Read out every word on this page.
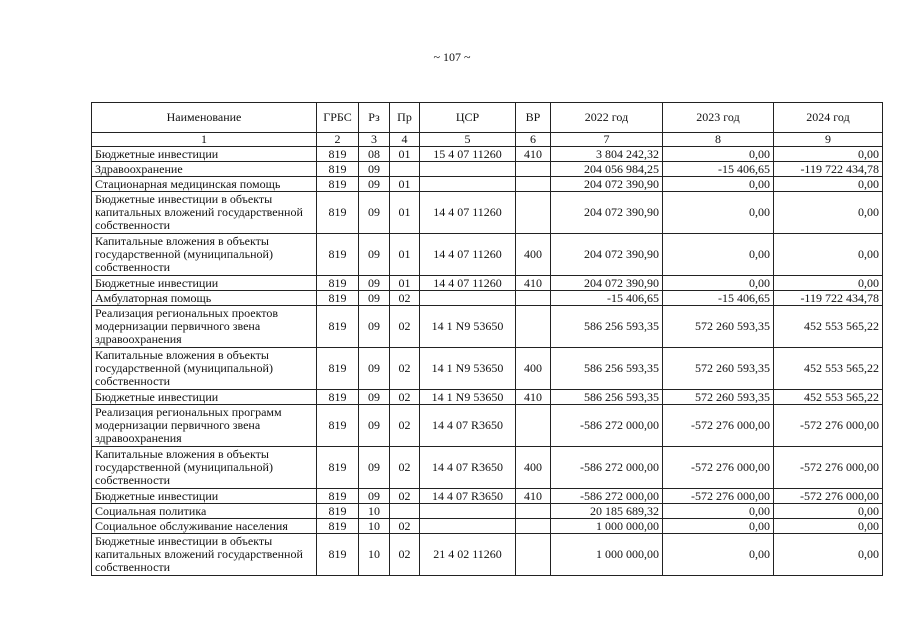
~ 107 ~
Наименование	ГРБС	Рз	Пр	ЦСР	ВР	2022 год	2023 год	2024 год
1	2	3	4	5	6	7	8	9
Бюджетные инвестиции	819	08	01	15 4 07 11260	410	3 804 242,32	0,00	0,00
Здравоохранение	819	09				204 056 984,25	-15 406,65	-119 722 434,78
Стационарная медицинская помощь	819	09	01			204 072 390,90	0,00	0,00
Бюджетные инвестиции в объекты капитальных вложений государственной собственности	819	09	01	14 4 07 11260		204 072 390,90	0,00	0,00
Капитальные вложения в объекты государственной (муниципальной) собственности	819	09	01	14 4 07 11260	400	204 072 390,90	0,00	0,00
Бюджетные инвестиции	819	09	01	14 4 07 11260	410	204 072 390,90	0,00	0,00
Амбулаторная помощь	819	09	02			-15 406,65	-15 406,65	-119 722 434,78
Реализация региональных проектов модернизации первичного звена здравоохранения	819	09	02	14 1 N9 53650		586 256 593,35	572 260 593,35	452 553 565,22
Капитальные вложения в объекты государственной (муниципальной) собственности	819	09	02	14 1 N9 53650	400	586 256 593,35	572 260 593,35	452 553 565,22
Бюджетные инвестиции	819	09	02	14 1 N9 53650	410	586 256 593,35	572 260 593,35	452 553 565,22
Реализация региональных программ модернизации первичного звена здравоохранения	819	09	02	14 4 07 R3650		-586 272 000,00	-572 276 000,00	-572 276 000,00
Капитальные вложения в объекты государственной (муниципальной) собственности	819	09	02	14 4 07 R3650	400	-586 272 000,00	-572 276 000,00	-572 276 000,00
Бюджетные инвестиции	819	09	02	14 4 07 R3650	410	-586 272 000,00	-572 276 000,00	-572 276 000,00
Социальная политика	819	10				20 185 689,32	0,00	0,00
Социальное обслуживание населения	819	10	02			1 000 000,00	0,00	0,00
Бюджетные инвестиции в объекты капитальных вложений государственной собственности	819	10	02	21 4 02 11260		1 000 000,00	0,00	0,00
